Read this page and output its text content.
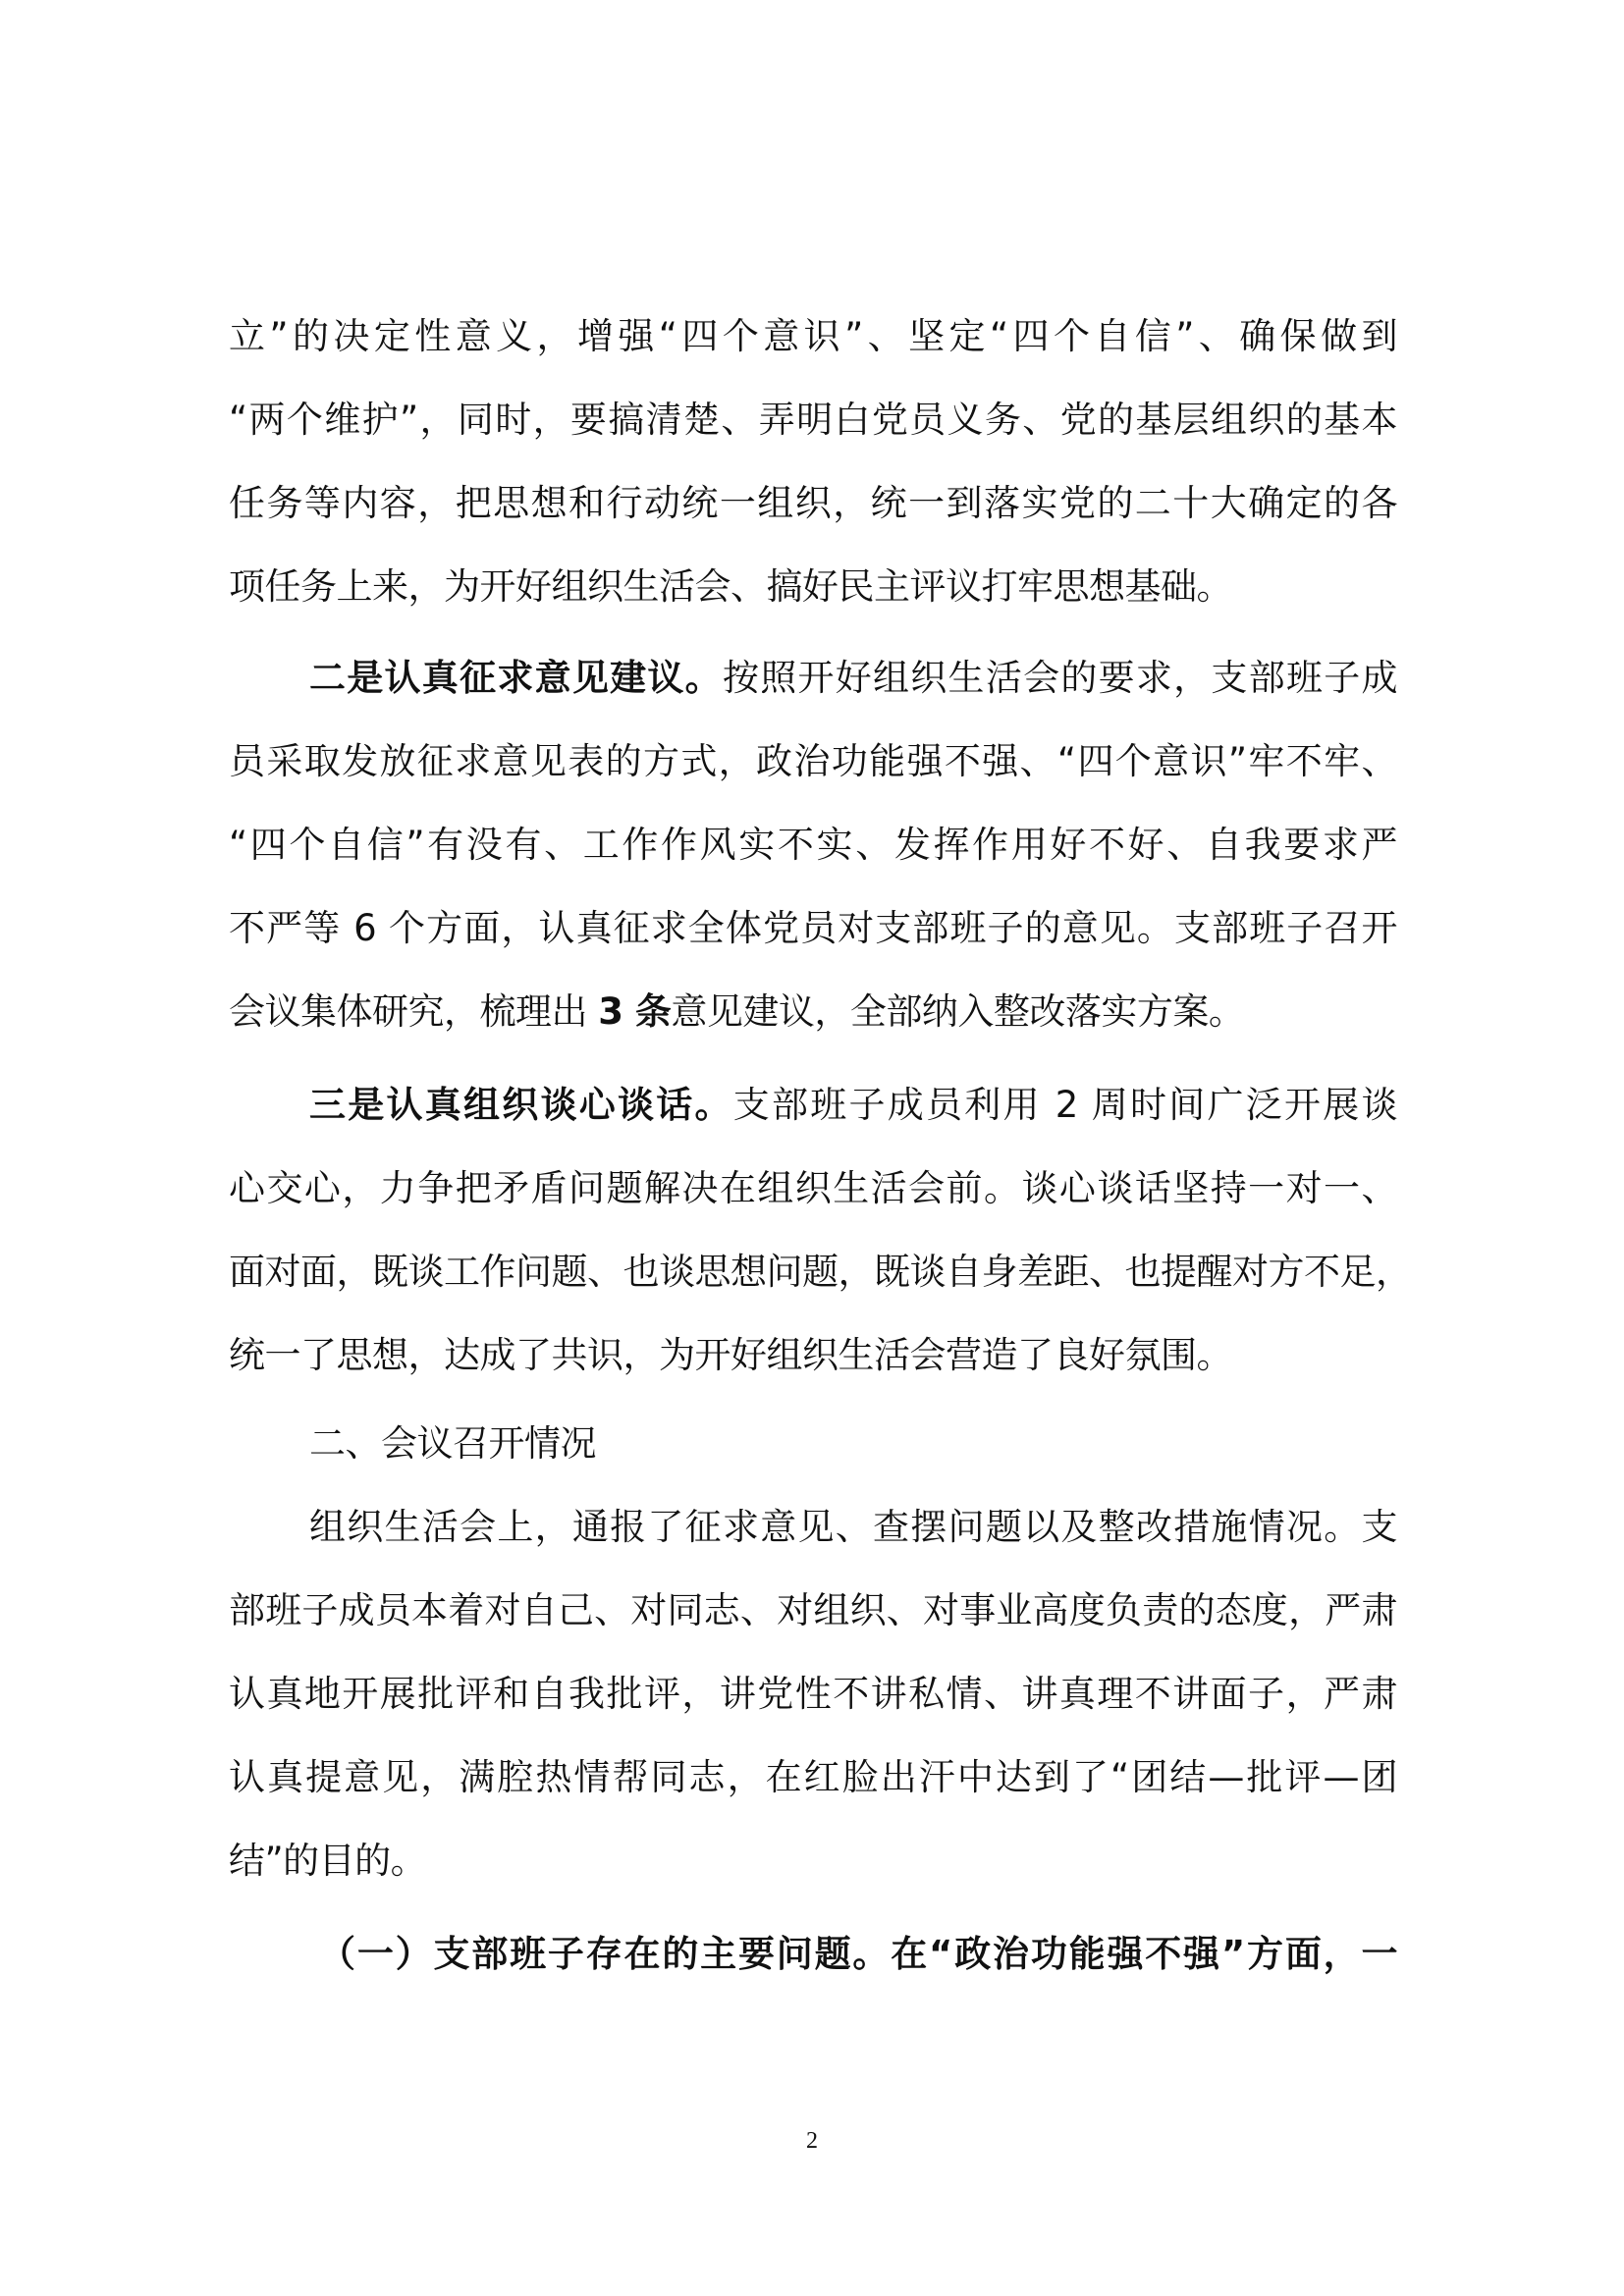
立”的决定性意义，增强“四个意识”、坚定“四个自信”、确保做到
“两个维护”，同时，要搞清楚、弄明白党员义务、党的基层组织的基本
任务等内容，把思想和行动统一组织，统一到落实党的二十大确定的各
项任务上来，为开好组织生活会、搞好民主评议打牢思想基础。
二是认真征求意见建议。按照开好组织生活会的要求，支部班子成
员采取发放征求意见表的方式，政治功能强不强、“四个意识”牢不牢、
“四个自信”有没有、工作作风实不实、发挥作用好不好、自我要求严
不严等 6 个方面，认真征求全体党员对支部班子的意见。支部班子召开
会议集体研究，梳理出 3 条意见建议，全部纳入整改落实方案。
三是认真组织谈心谈话。支部班子成员利用 2 周时间广泛开展谈
心交心，力争把矛盾问题解决在组织生活会前。谈心谈话坚持一对一、
面对面，既谈工作问题、也谈思想问题，既谈自身差距、也提醒对方不足，
统一了思想，达成了共识，为开好组织生活会营造了良好氛围。
二、会议召开情况
组织生活会上，通报了征求意见、查摆问题以及整改措施情况。支
部班子成员本着对自己、对同志、对组织、对事业高度负责的态度，严肃
认真地开展批评和自我批评，讲党性不讲私情、讲真理不讲面子，严肃
认真提意见，满腔热情帮同志，在红脸出汗中达到了“团结—批评—团
结”的目的。
（一）支部班子存在的主要问题。在“政治功能强不强”方面，一
2
